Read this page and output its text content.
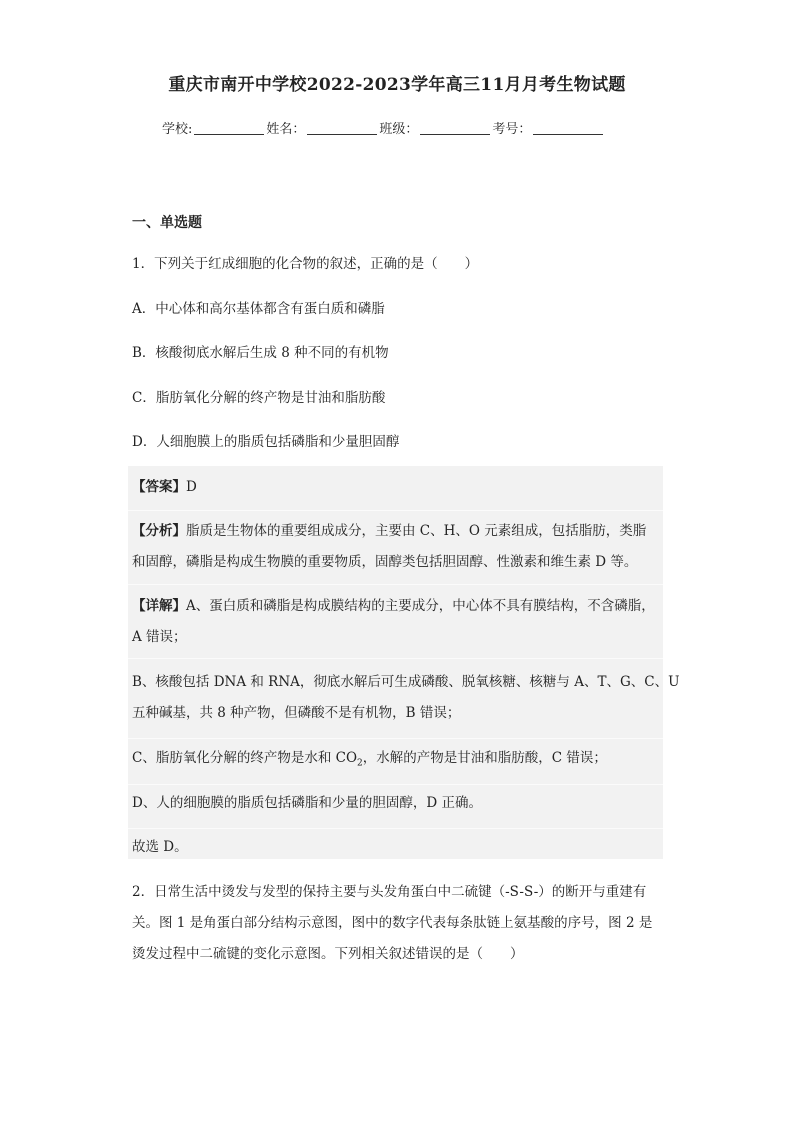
重庆市南开中学校2022-2023学年高三11月月考生物试题
学校:	姓名：	班级：	考号：
一、单选题
1．下列关于红成细胞的化合物的叙述，正确的是（　　）
A．中心体和高尔基体都含有蛋白质和磷脂
B．核酸彻底水解后生成 8 种不同的有机物
C．脂肪氧化分解的终产物是甘油和脂肪酸
D．人细胞膜上的脂质包括磷脂和少量胆固醇
【答案】D
【分析】脂质是生物体的重要组成成分，主要由 C、H、O 元素组成，包括脂肪，类脂
和固醇，磷脂是构成生物膜的重要物质，固醇类包括胆固醇、性激素和维生素 D 等。
【详解】A、蛋白质和磷脂是构成膜结构的主要成分，中心体不具有膜结构，不含磷脂，
A 错误；
B、核酸包括 DNA 和 RNA，彻底水解后可生成磷酸、脱氧核糖、核糖与 A、T、G、C、U
五种碱基，共 8 种产物，但磷酸不是有机物，B 错误；
C、脂肪氧化分解的终产物是水和 $CO_2$，水解的产物是甘油和脂肪酸，C 错误；
D、人的细胞膜的脂质包括磷脂和少量的胆固醇，D 正确。
故选 D。
2．日常生活中烫发与发型的保持主要与头发角蛋白中二硫键（-S-S-）的断开与重建有
关。图 1 是角蛋白部分结构示意图，图中的数字代表每条肽链上氨基酸的序号，图 2 是
烫发过程中二硫键的变化示意图。下列相关叙述错误的是（　　）
